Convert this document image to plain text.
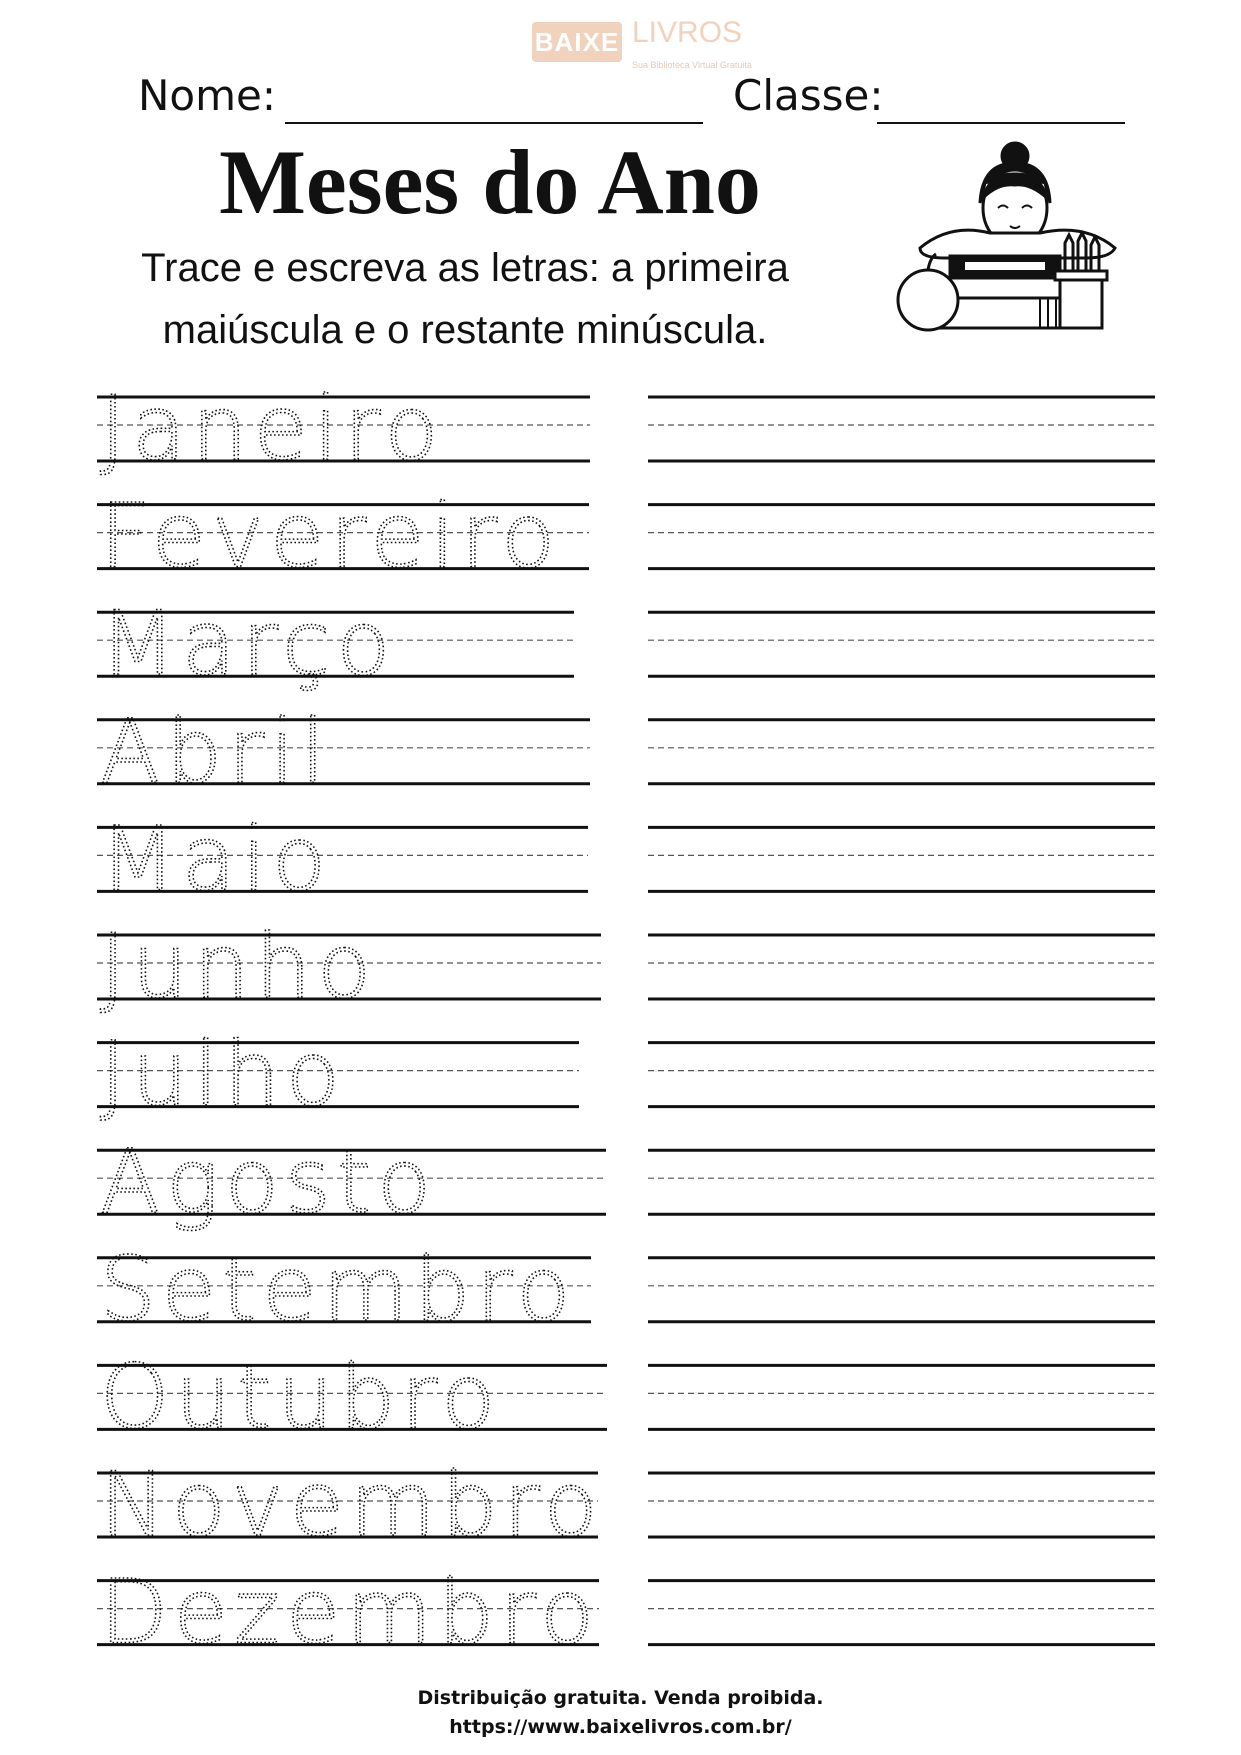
BAIXE LIVROS
Sua Biblioteca Virtual Gratuita
Nome:	Classe:
Meses do Ano
Trace e escreva as letras: a primeira
maiúscula e o restante minúscula.
Janeiro
Fevereiro
Março
Abril
Maio
Junho
Julho
Agosto
Setembro
Outubro
Novembro
Dezembro
Distribuição gratuita. Venda proibida.
https://www.baixelivros.com.br/
